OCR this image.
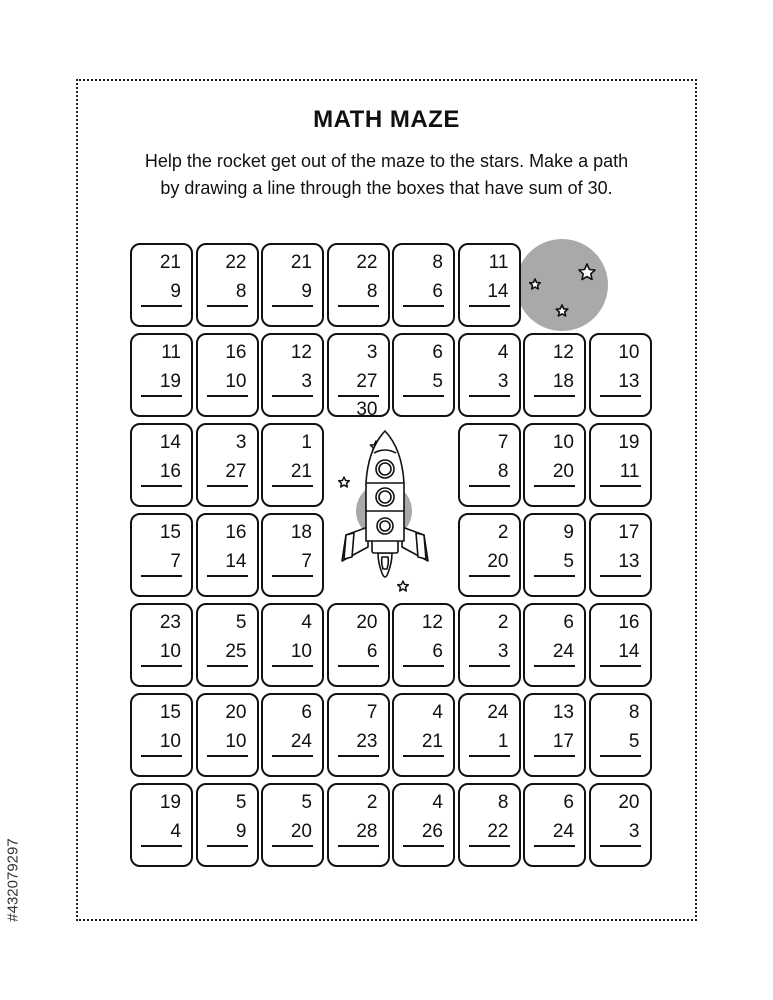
MATH MAZE
Help the rocket get out of the maze to the stars. Make a path
by drawing a line through the boxes that have sum of 30.
21
9
22
8
21
9
22
8
8
6
11
14
11
19
16
10
12
3
3
27
30
6
5
4
3
12
18
10
13
14
16
3
27
1
21
7
8
10
20
19
11
15
7
16
14
18
7
2
20
9
5
17
13
23
10
5
25
4
10
20
6
12
6
2
3
6
24
16
14
15
10
20
10
6
24
7
23
4
21
24
1
13
17
8
5
19
4
5
9
5
20
2
28
4
26
8
22
6
24
20
3
#432079297
